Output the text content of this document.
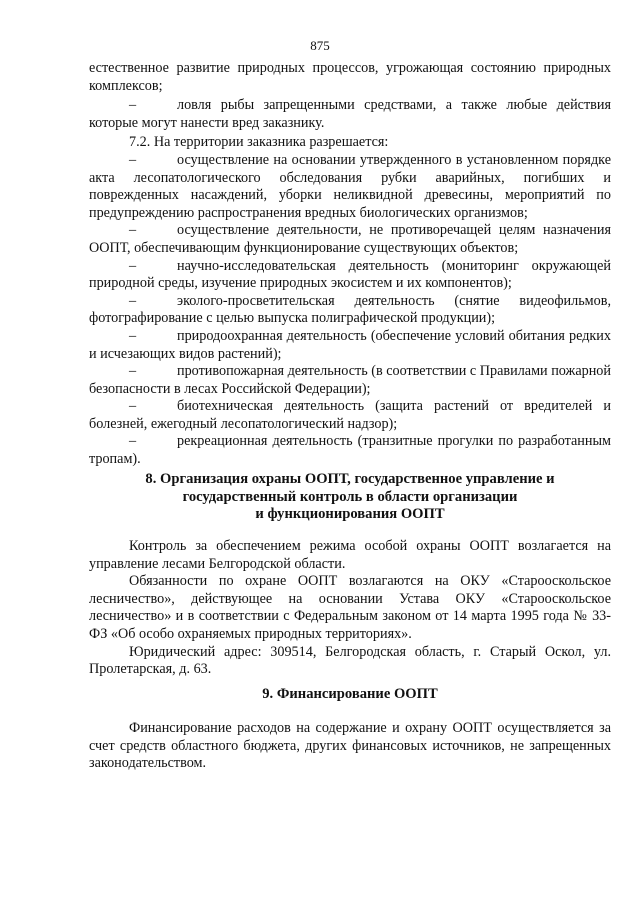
875

естественное развитие природных процессов, угрожающая состоянию природных комплексов;

–	ловля рыбы запрещенными средствами, а также любые действия которые могут нанести вред заказнику.

7.2. На территории заказника разрешается:

–	осуществление на основании утвержденного в установленном порядке акта лесопатологического обследования рубки аварийных, погибших и поврежденных насаждений, уборки неликвидной древесины, мероприятий по предупреждению распространения вредных биологических организмов;

–	осуществление деятельности, не противоречащей целям назначения ООПТ, обеспечивающим функционирование существующих объектов;

–	научно-исследовательская деятельность (мониторинг окружающей природной среды, изучение природных экосистем и их компонентов);

–	эколого-просветительская деятельность (снятие видеофильмов, фотографирование с целью выпуска полиграфической продукции);

–	природоохранная деятельность (обеспечение условий обитания редких и исчезающих видов растений);

–	противопожарная деятельность (в соответствии с Правилами пожарной безопасности в лесах Российской Федерации);

–	биотехническая деятельность (защита растений от вредителей и болезней, ежегодный лесопатологический надзор);

–	рекреационная деятельность (транзитные прогулки по разработанным тропам).

8. Организация охраны ООПТ, государственное управление и
государственный контроль в области организации
и функционирования ООПТ

Контроль за обеспечением режима особой охраны ООПТ возлагается на управление лесами Белгородской области.

Обязанности по охране ООПТ возлагаются на ОКУ «Старооскольское лесничество», действующее на основании Устава ОКУ «Старооскольское лесничество» и в соответствии с Федеральным законом от 14 марта 1995 года № 33-ФЗ «Об особо охраняемых природных территориях».

Юридический адрес: 309514, Белгородская область, г. Старый Оскол, ул. Пролетарская, д. 63.

9. Финансирование ООПТ

Финансирование расходов на содержание и охрану ООПТ осуществляется за счет средств областного бюджета, других финансовых источников, не запрещенных законодательством.
